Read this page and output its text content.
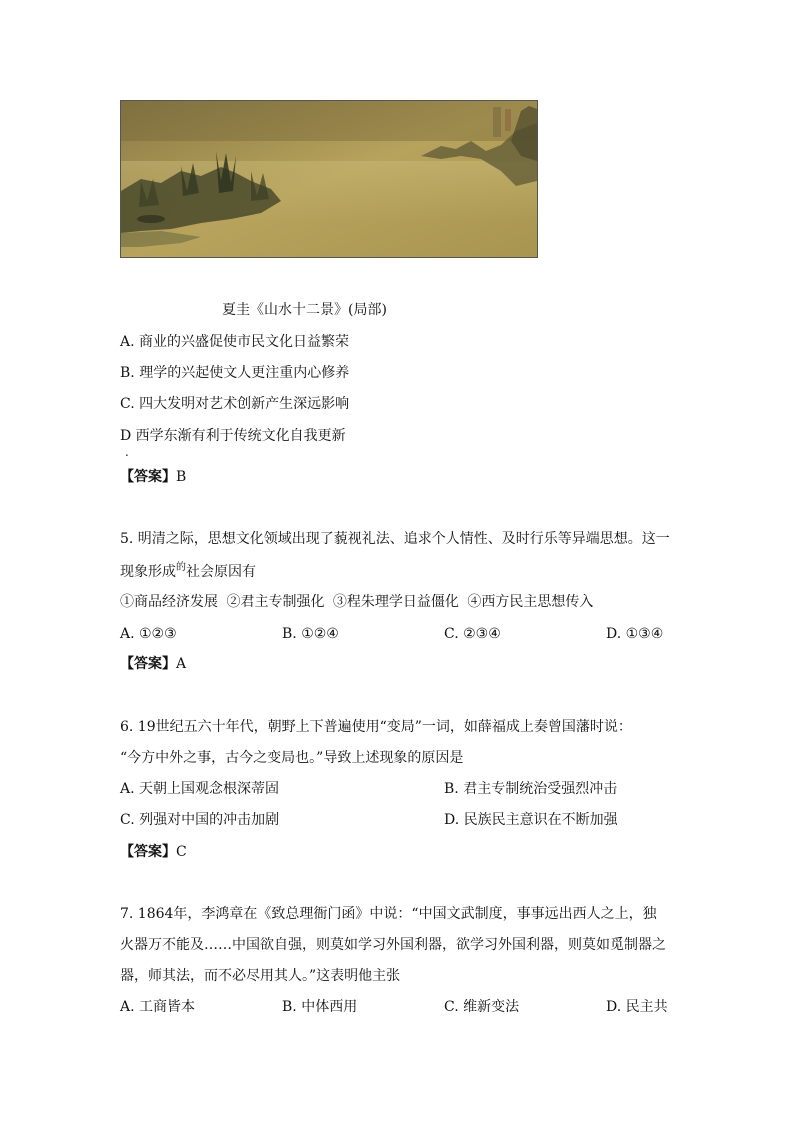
夏圭《山水十二景》(局部)
A. 商业的兴盛促使市民文化日益繁荣
B. 理学的兴起使文人更注重内心修养
C. 四大发明对艺术创新产生深远影响
D 西学东渐有利于传统文化自我更新
.
【答案】B
5. 明清之际，思想文化领域出现了藐视礼法、追求个人情性、及时行乐等异端思想。这一
现象形成$^的$社会原因有
①商品经济发展 ②君主专制强化 ③程朱理学日益僵化 ④西方民主思想传入
A. ①②③	B. ①②④	C. ②③④	D. ①③④
【答案】A
6. 19世纪五六十年代，朝野上下普遍使用“变局”一词，如薛福成上奏曾国藩时说：
“今方中外之事，古今之变局也。”导致上述现象的原因是
A. 天朝上国观念根深蒂固	B. 君主专制统治受强烈冲击
C. 列强对中国的冲击加剧	D. 民族民主意识在不断加强
【答案】C
7. 1864年，李鸿章在《致总理衙门函》中说：“中国文武制度，事事远出西人之上，独
火器万不能及……中国欲自强，则莫如学习外国利器，欲学习外国利器，则莫如觅制器之
器，师其法，而不必尽用其人。”这表明他主张
A. 工商皆本	B. 中体西用	C. 维新变法	D. 民主共
